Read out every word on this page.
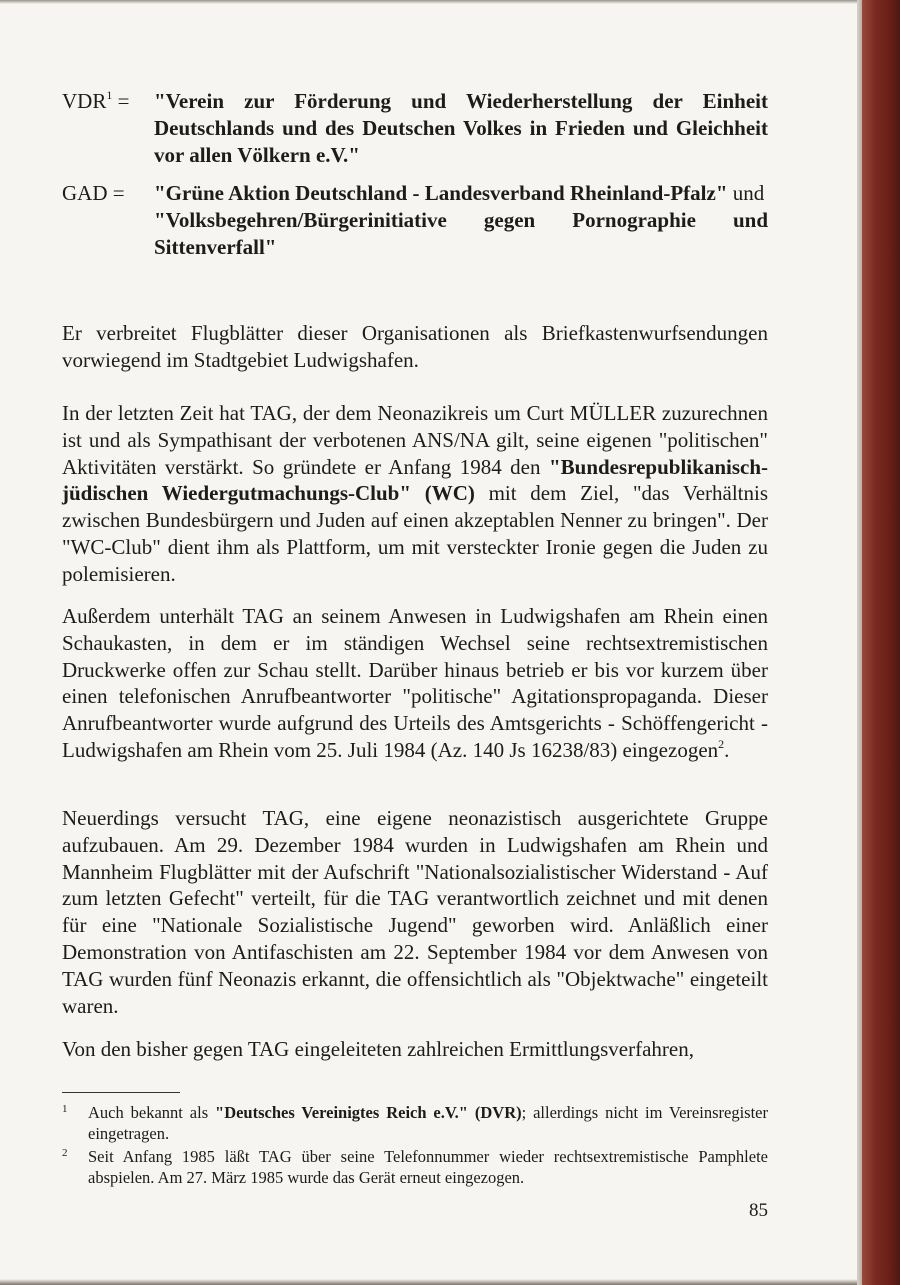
$VDR^1$ =	"Verein zur Förderung und Wiederherstellung der Einheit Deutschlands und des Deutschen Volkes in Frieden und Gleichheit vor allen Völkern e.V."
GAD =	"Grüne Aktion Deutschland - Landesverband Rheinland-Pfalz" und
"Volksbegehren/Bürgerinitiative gegen Pornographie und Sittenverfall"
Er verbreitet Flugblätter dieser Organisationen als Briefkastenwurfsendungen vorwiegend im Stadtgebiet Ludwigshafen.
In der letzten Zeit hat TAG, der dem Neonazikreis um Curt MÜLLER zuzurechnen ist und als Sympathisant der verbotenen ANS/NA gilt, seine eigenen "politischen" Aktivitäten verstärkt. So gründete er Anfang 1984 den "Bundesrepublikanisch-jüdischen Wiedergutmachungs-Club" (WC) mit dem Ziel, "das Verhältnis zwischen Bundesbürgern und Juden auf einen akzeptablen Nenner zu bringen". Der "WC-Club" dient ihm als Plattform, um mit versteckter Ironie gegen die Juden zu polemisieren.
Außerdem unterhält TAG an seinem Anwesen in Ludwigshafen am Rhein einen Schaukasten, in dem er im ständigen Wechsel seine rechtsextremistischen Druckwerke offen zur Schau stellt. Darüber hinaus betrieb er bis vor kurzem über einen telefonischen Anrufbeantworter "politische" Agitationspropaganda. Dieser Anrufbeantworter wurde aufgrund des Urteils des Amtsgerichts - Schöffengericht - Ludwigshafen am Rhein vom 25. Juli 1984 (Az. 140 Js 16238/83) eingezogen$^2$.
Neuerdings versucht TAG, eine eigene neonazistisch ausgerichtete Gruppe aufzubauen. Am 29. Dezember 1984 wurden in Ludwigshafen am Rhein und Mannheim Flugblätter mit der Aufschrift "Nationalsozialistischer Widerstand - Auf zum letzten Gefecht" verteilt, für die TAG verantwortlich zeichnet und mit denen für eine "Nationale Sozialistische Jugend" geworben wird. Anläßlich einer Demonstration von Antifaschisten am 22. September 1984 vor dem Anwesen von TAG wurden fünf Neonazis erkannt, die offensichtlich als "Objektwache" eingeteilt waren.
Von den bisher gegen TAG eingeleiteten zahlreichen Ermittlungsverfahren,
1 Auch bekannt als "Deutsches Vereinigtes Reich e.V." (DVR); allerdings nicht im Vereinsregister eingetragen.
2 Seit Anfang 1985 läßt TAG über seine Telefonnummer wieder rechtsextremistische Pamphlete abspielen. Am 27. März 1985 wurde das Gerät erneut eingezogen.
85
